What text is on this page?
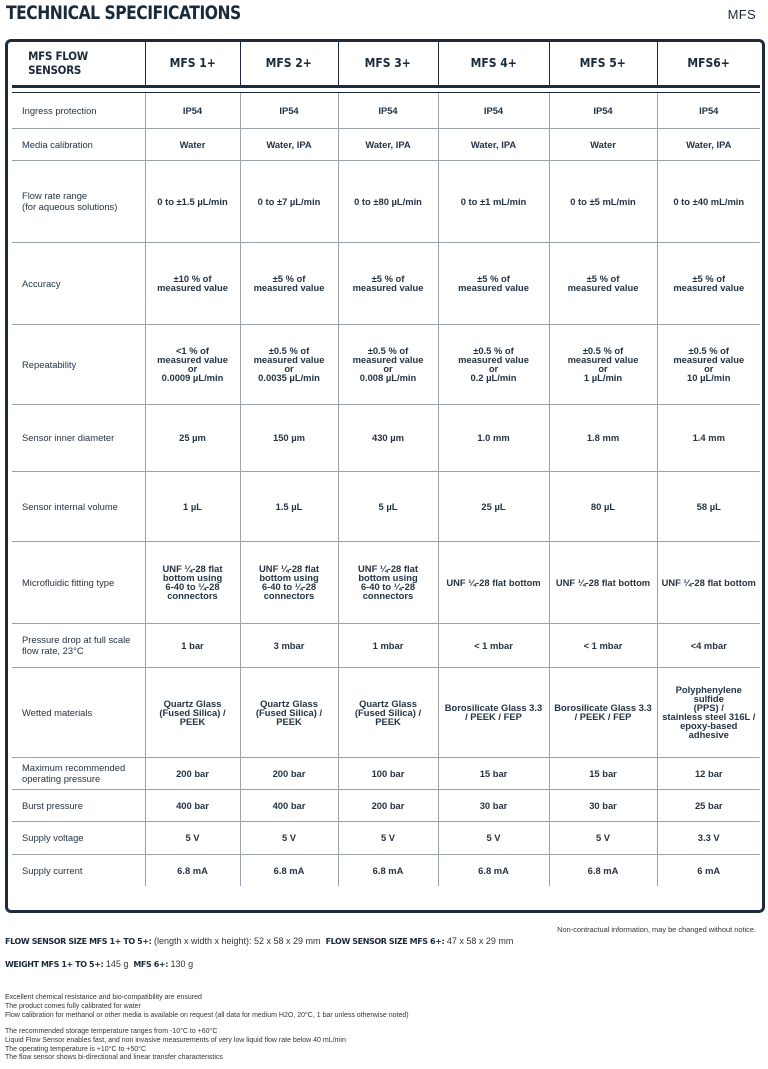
TECHNICAL SPECIFICATIONS	MFS
MFS FLOW SENSORS	MFS 1+	MFS 2+	MFS 3+	MFS 4+	MFS 5+	MFS6+

Ingress protection	IP54	IP54	IP54	IP54	IP54	IP54
Media calibration	Water	Water, IPA	Water, IPA	Water, IPA	Water	Water, IPA
Flow rate range
(for aqueous solutions)	0 to ±1.5 µL/min	0 to ±7 µL/min	0 to ±80 µL/min	0 to ±1 mL/min	0 to ±5 mL/min	0 to ±40 mL/min
Accuracy	±10 % of
measured value	±5 % of
measured value	±5 % of
measured value	±5 % of
measured value	±5 % of
measured value	±5 % of
measured value
Repeatability	<1 % of
measured value
or
0.0009 µL/min	±0.5 % of
measured value
or
0.0035 µL/min	±0.5 % of
measured value
or
0.008 µL/min	±0.5 % of
measured value
or
0.2 µL/min	±0.5 % of
measured value
or
1 µL/min	±0.5 % of
measured value
or
10 µL/min
Sensor inner diameter	25 µm	150 µm	430 µm	1.0 mm	1.8 mm	1.4 mm
Sensor internal volume	1 µL	1.5 µL	5 µL	25 µL	80 µL	58 µL
Microfluidic fitting type	UNF ¼-28 flat
bottom using
6-40 to ¼-28
connectors	UNF ¼-28 flat
bottom using
6-40 to ¼-28
connectors	UNF ¼-28 flat
bottom using
6-40 to ¼-28
connectors	UNF ¼-28 flat bottom	UNF ¼-28 flat bottom	UNF ¼-28 flat bottom
Pressure drop at full scale
flow rate, 23°C	1 bar	3 mbar	1 mbar	< 1 mbar	< 1 mbar	<4 mbar
Wetted materials	Quartz Glass
(Fused Silica) /
PEEK	Quartz Glass
(Fused Silica) /
PEEK	Quartz Glass
(Fused Silica) /
PEEK	Borosilicate Glass 3.3
/ PEEK / FEP	Borosilicate Glass 3.3
/ PEEK / FEP	Polyphenylene sulfide
(PPS) /
stainless steel 316L /
epoxy-based adhesive
Maximum recommended
operating pressure	200 bar	200 bar	100 bar	15 bar	15 bar	12 bar
Burst pressure	400 bar	400 bar	200 bar	30 bar	30 bar	25 bar
Supply voltage	5 V	5 V	5 V	5 V	5 V	3.3 V
Supply current	6.8 mA	6.8 mA	6.8 mA	6.8 mA	6.8 mA	6 mA
Non-contractual information, may be changed without notice.
FLOW SENSOR SIZE MFS 1+ TO 5+: (length x width x height): 52 x 58 x 29 mm FLOW SENSOR SIZE MFS 6+: 47 x 58 x 29 mm
WEIGHT MFS 1+ TO 5+: 145 g MFS 6+: 130 g
Excellent chemical resistance and bio-compatibility are ensured
The product comes fully calibrated for water
Flow calibration for methanol or other media is available on request (all data for medium H2O, 20°C, 1 bar unless otherwise noted)
The recommended storage temperature ranges from -10°C to +60°C
Liquid Flow Sensor enables fast, and non invasive measurements of very low liquid flow rate below 40 mL/min
The operating temperature is +10°C to +50°C
The flow sensor shows bi-directional and linear transfer characteristics
